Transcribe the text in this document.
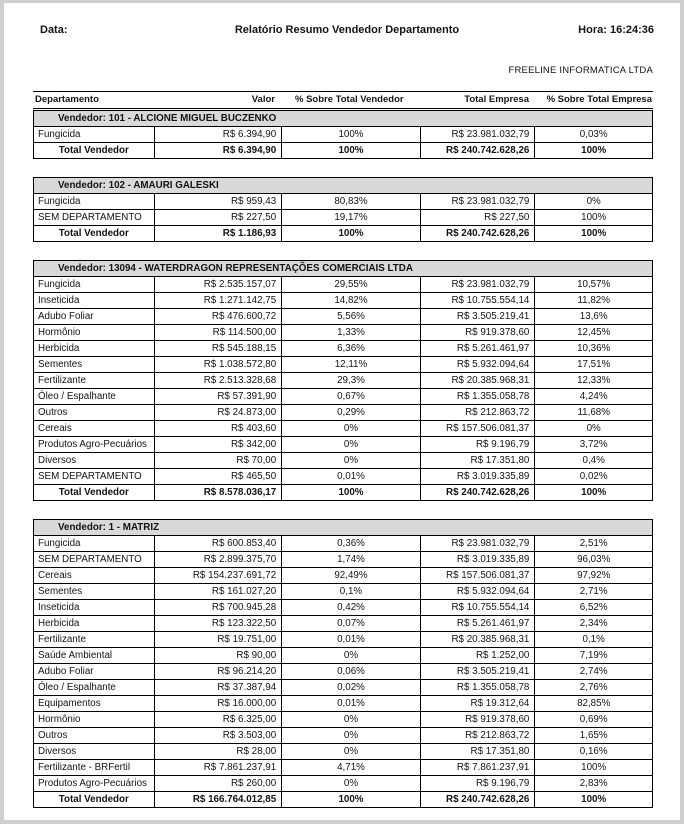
Data:	Relatório Resumo Vendedor Departamento	Hora: 16:24:36
FREELINE INFORMATICA LTDA
Departamento	Valor	% Sobre Total Vendedor	Total Empresa	% Sobre Total Empresa
Vendedor: 101 - ALCIONE MIGUEL BUCZENKO
Fungicida	R$ 6.394,90	100%	R$ 23.981.032,79	0,03%
Total Vendedor	R$ 6.394,90	100%	R$ 240.742.628,26	100%
Vendedor: 102 - AMAURI GALESKI
Fungicida	R$ 959,43	80,83%	R$ 23.981.032,79	0%
SEM DEPARTAMENTO	R$ 227,50	19,17%	R$ 227,50	100%
Total Vendedor	R$ 1.186,93	100%	R$ 240.742.628,26	100%
Vendedor: 13094 - WATERDRAGON REPRESENTAÇÕES COMERCIAIS LTDA
Fungicida	R$ 2.535.157,07	29,55%	R$ 23.981.032,79	10,57%
Inseticida	R$ 1.271.142,75	14,82%	R$ 10.755.554,14	11,82%
Adubo Foliar	R$ 476.600,72	5,56%	R$ 3.505.219,41	13,6%
Hormônio	R$ 114.500,00	1,33%	R$ 919.378,60	12,45%
Herbicida	R$ 545.188,15	6,36%	R$ 5.261.461,97	10,36%
Sementes	R$ 1.038.572,80	12,11%	R$ 5.932.094,64	17,51%
Fertilizante	R$ 2.513.328,68	29,3%	R$ 20.385.968,31	12,33%
Óleo / Espalhante	R$ 57.391,90	0,67%	R$ 1.355.058,78	4,24%
Outros	R$ 24.873,00	0,29%	R$ 212.863,72	11,68%
Cereais	R$ 403,60	0%	R$ 157.506.081,37	0%
Produtos Agro-Pecuários	R$ 342,00	0%	R$ 9.196,79	3,72%
Diversos	R$ 70,00	0%	R$ 17.351,80	0,4%
SEM DEPARTAMENTO	R$ 465,50	0,01%	R$ 3.019.335,89	0,02%
Total Vendedor	R$ 8.578.036,17	100%	R$ 240.742.628,26	100%
Vendedor: 1 - MATRIZ
Fungicida	R$ 600.853,40	0,36%	R$ 23.981.032,79	2,51%
SEM DEPARTAMENTO	R$ 2.899.375,70	1,74%	R$ 3.019.335,89	96,03%
Cereais	R$ 154.237.691,72	92,49%	R$ 157.506.081,37	97,92%
Sementes	R$ 161.027,20	0,1%	R$ 5.932.094,64	2,71%
Inseticida	R$ 700.945,28	0,42%	R$ 10.755.554,14	6,52%
Herbicida	R$ 123.322,50	0,07%	R$ 5.261.461,97	2,34%
Fertilizante	R$ 19.751,00	0,01%	R$ 20.385.968,31	0,1%
Saúde Ambiental	R$ 90,00	0%	R$ 1.252,00	7,19%
Adubo Foliar	R$ 96.214,20	0,06%	R$ 3.505.219,41	2,74%
Óleo / Espalhante	R$ 37.387,94	0,02%	R$ 1.355.058,78	2,76%
Equipamentos	R$ 16.000,00	0,01%	R$ 19.312,64	82,85%
Hormônio	R$ 6.325,00	0%	R$ 919.378,60	0,69%
Outros	R$ 3.503,00	0%	R$ 212.863,72	1,65%
Diversos	R$ 28,00	0%	R$ 17.351,80	0,16%
Fertilizante - BRFertil	R$ 7.861.237,91	4,71%	R$ 7.861.237,91	100%
Produtos Agro-Pecuários	R$ 260,00	0%	R$ 9.196,79	2,83%
Total Vendedor	R$ 166.764.012,85	100%	R$ 240.742.628,26	100%
